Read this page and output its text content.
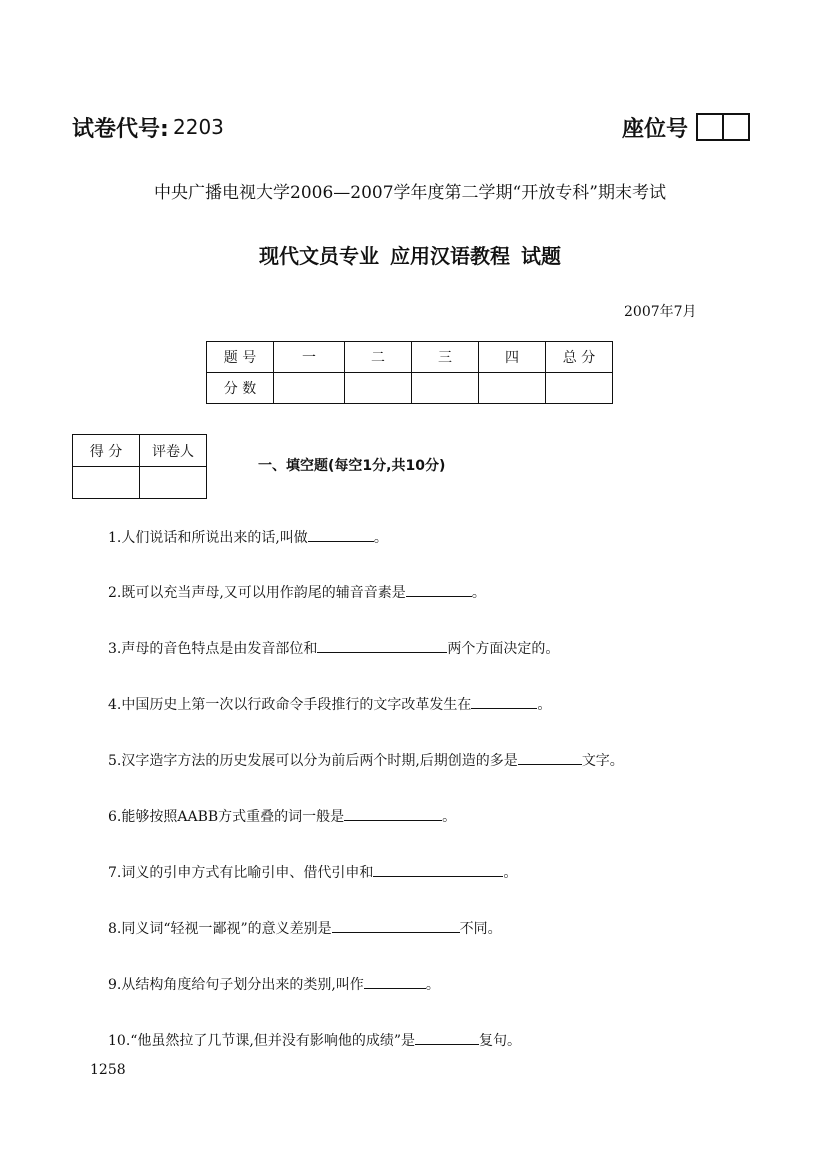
试卷代号: 2203	座位号
中央广播电视大学2006—2007学年度第二学期“开放专科”期末考试
现代文员专业 应用汉语教程 试题
2007年7月
题 号	一	二	三	四	总 分
分 数					
得 分	评卷人

一、填空题(每空1分,共10分)
1.人们说话和所说出来的话,叫做	。
2.既可以充当声母,又可以用作韵尾的辅音音素是	。
3.声母的音色特点是由发音部位和	两个方面决定的。
4.中国历史上第一次以行政命令手段推行的文字改革发生在	。
5.汉字造字方法的历史发展可以分为前后两个时期,后期创造的多是	文字。
6.能够按照AABB方式重叠的词一般是	。
7.词义的引申方式有比喻引申、借代引申和	。
8.同义词“轻视一鄙视”的意义差别是	不同。
9.从结构角度给句子划分出来的类别,叫作	。
10.“他虽然拉了几节课,但并没有影响他的成绩”是	复句。
1258
